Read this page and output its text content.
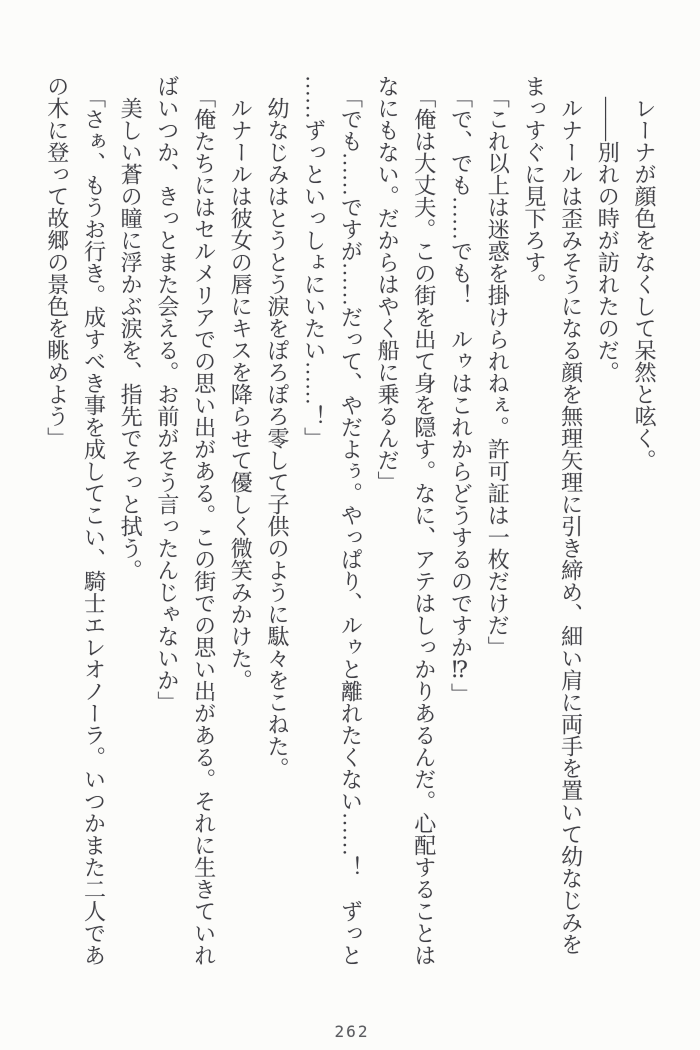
レーナが顔色をなくして呆然と呟く。

――別れの時が訪れたのだ。

ルナールは歪みそうになる顔を無理矢理に引き締め、細い肩に両手を置いて幼なじみを

まっすぐに見下ろす。

「これ以上は迷惑を掛けられねぇ。許可証は一枚だけだ」

「で、でも……でも！　ルゥはこれからどうするのですか⁉」

「俺は大丈夫。この街を出て身を隠す。なに、アテはしっかりあるんだ。心配することは

なにもない。だからはやく船に乗るんだ」

「でも……ですが……だって、やだよぅ。やっぱり、ルゥと離れたくない……！　ずっと

……ずっといっしょにいたい……！」

幼なじみはとうとう涙をぽろぽろ零して子供のように駄々をこねた。

ルナールは彼女の唇にキスを降らせて優しく微笑みかけた。

「俺たちにはセルメリアでの思い出がある。この街での思い出がある。それに生きていれ

ばいつか、きっとまた会える。お前がそう言ったんじゃないか」

美しい蒼の瞳に浮かぶ涙を、指先でそっと拭う。

「さぁ、もうお行き。成すべき事を成してこい、騎士エレオノーラ。いつかまた二人であ

の木に登って故郷の景色を眺めよう」

262
